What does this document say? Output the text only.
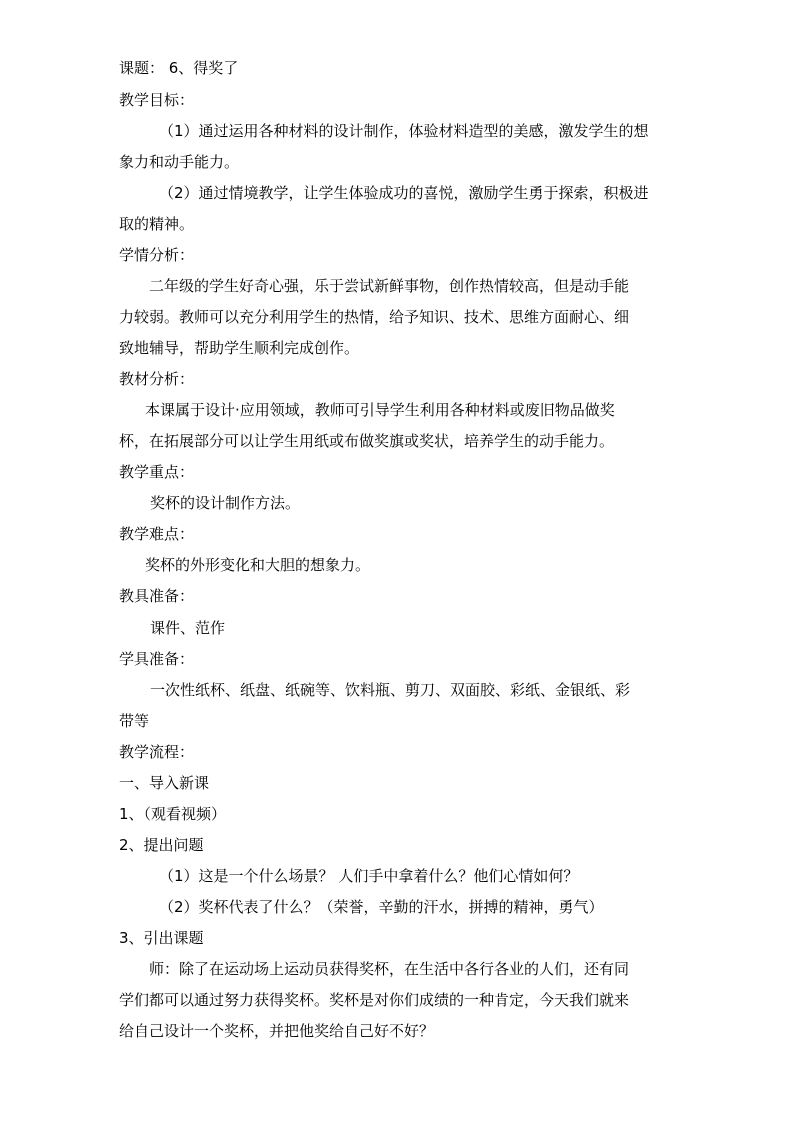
课题： 6、得奖了
教学目标：
（1）通过运用各种材料的设计制作，体验材料造型的美感，激发学生的想
象力和动手能力。
（2）通过情境教学，让学生体验成功的喜悦，激励学生勇于探索，积极进
取的精神。
学情分析：
二年级的学生好奇心强，乐于尝试新鲜事物，创作热情较高，但是动手能
力较弱。教师可以充分利用学生的热情，给予知识、技术、思维方面耐心、细
致地辅导，帮助学生顺利完成创作。
教材分析：
本课属于设计·应用领域，教师可引导学生利用各种材料或废旧物品做奖
杯，在拓展部分可以让学生用纸或布做奖旗或奖状，培养学生的动手能力。
教学重点：
奖杯的设计制作方法。
教学难点：
奖杯的外形变化和大胆的想象力。
教具准备：
课件、范作
学具准备：
一次性纸杯、纸盘、纸碗等、饮料瓶、剪刀、双面胶、彩纸、金银纸、彩
带等
教学流程：
一、导入新课
1、（观看视频）
2、提出问题
（1）这是一个什么场景？ 人们手中拿着什么？他们心情如何？
（2）奖杯代表了什么？（荣誉，辛勤的汗水，拼搏的精神，勇气）
3、引出课题
师：除了在运动场上运动员获得奖杯，在生活中各行各业的人们，还有同
学们都可以通过努力获得奖杯。奖杯是对你们成绩的一种肯定，今天我们就来
给自己设计一个奖杯，并把他奖给自己好不好？
